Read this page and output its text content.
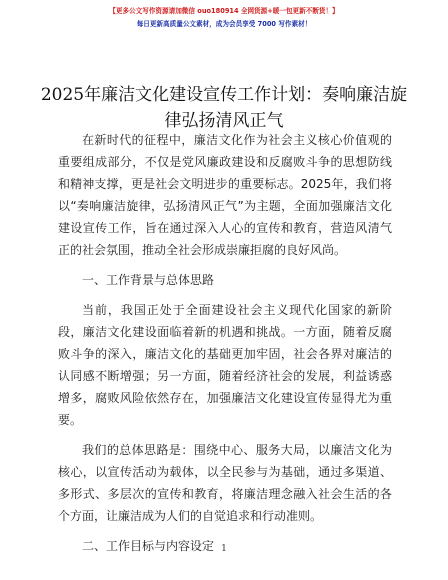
【更多公文写作资源请加微信 ouo180914 全网货源+暖一包更新不断货！】
每日更新高质量公文素材，成为会员享受 7000 写作素材！
2025年廉洁文化建设宣传工作计划：奏响廉洁旋律弘扬清风正气

在新时代的征程中，廉洁文化作为社会主义核心价值观的重要组成部分，不仅是党风廉政建设和反腐败斗争的思想防线和精神支撑，更是社会文明进步的重要标志。2025年，我们将以“奏响廉洁旋律，弘扬清风正气”为主题，全面加强廉洁文化建设宣传工作，旨在通过深入人心的宣传和教育，营造风清气正的社会氛围，推动全社会形成崇廉拒腐的良好风尚。

一、工作背景与总体思路

当前，我国正处于全面建设社会主义现代化国家的新阶段，廉洁文化建设面临着新的机遇和挑战。一方面，随着反腐败斗争的深入，廉洁文化的基础更加牢固，社会各界对廉洁的认同感不断增强；另一方面，随着经济社会的发展，利益诱惑增多，腐败风险依然存在，加强廉洁文化建设宣传显得尤为重要。

我们的总体思路是：围绕中心、服务大局，以廉洁文化为核心，以宣传活动为载体，以全民参与为基础，通过多渠道、多形式、多层次的宣传和教育，将廉洁理念融入社会生活的各个方面，让廉洁成为人们的自觉追求和行动准则。

二、工作目标与内容设定 1
